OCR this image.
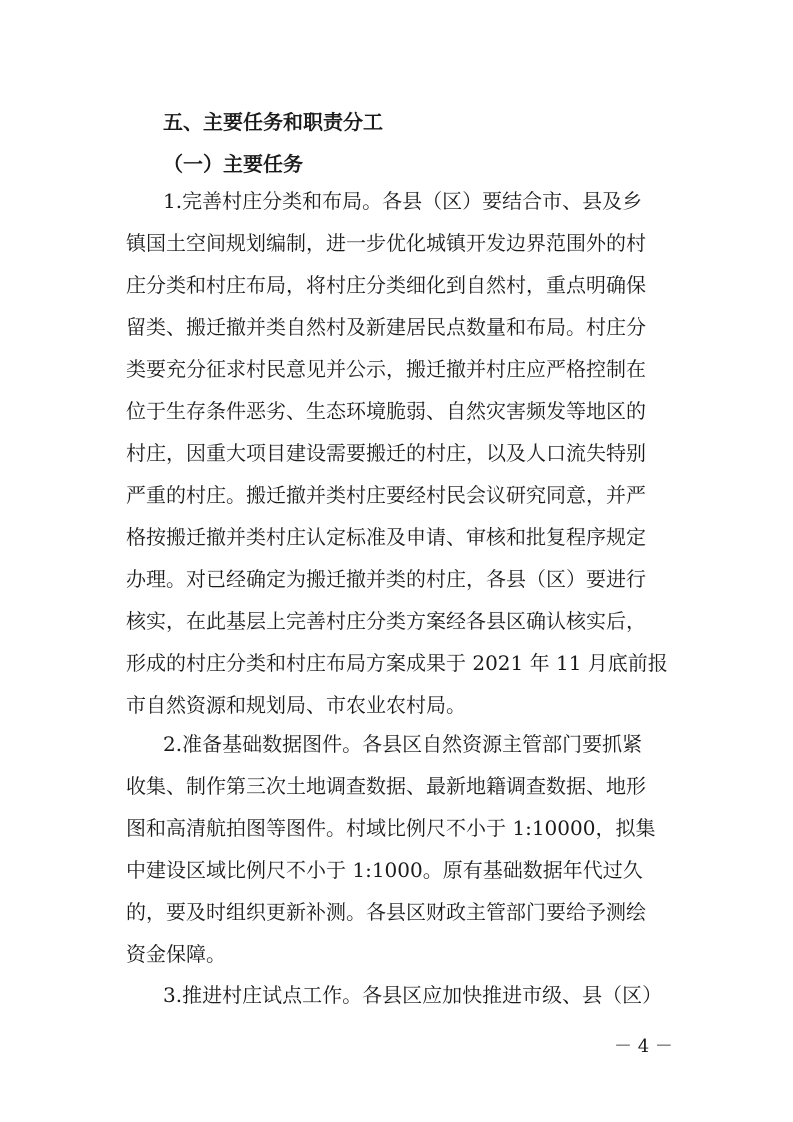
五、主要任务和职责分工
（一）主要任务
1.完善村庄分类和布局。各县（区）要结合市、县及乡
镇国土空间规划编制，进一步优化城镇开发边界范围外的村
庄分类和村庄布局，将村庄分类细化到自然村，重点明确保
留类、搬迁撤并类自然村及新建居民点数量和布局。村庄分
类要充分征求村民意见并公示，搬迁撤并村庄应严格控制在
位于生存条件恶劣、生态环境脆弱、自然灾害频发等地区的
村庄，因重大项目建设需要搬迁的村庄，以及人口流失特别
严重的村庄。搬迁撤并类村庄要经村民会议研究同意，并严
格按搬迁撤并类村庄认定标准及申请、审核和批复程序规定
办理。对已经确定为搬迁撤并类的村庄，各县（区）要进行
核实，在此基层上完善村庄分类方案经各县区确认核实后，
形成的村庄分类和村庄布局方案成果于 2021 年 11 月底前报
市自然资源和规划局、市农业农村局。
2.准备基础数据图件。各县区自然资源主管部门要抓紧
收集、制作第三次土地调查数据、最新地籍调查数据、地形
图和高清航拍图等图件。村域比例尺不小于 1:10000，拟集
中建设区域比例尺不小于 1:1000。原有基础数据年代过久
的，要及时组织更新补测。各县区财政主管部门要给予测绘
资金保障。
3.推进村庄试点工作。各县区应加快推进市级、县（区）
－ 4 －
